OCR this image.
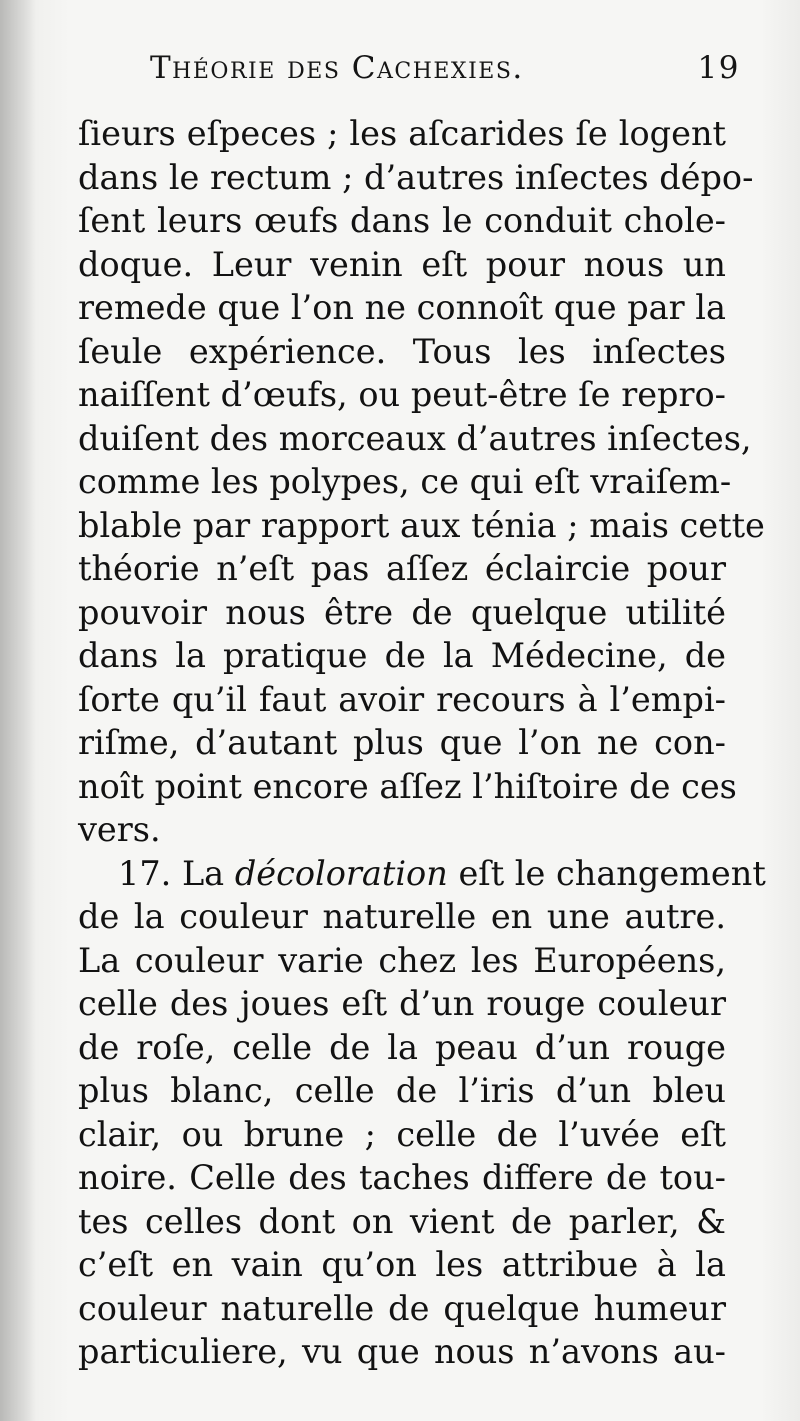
Théorie des Cachexies.	19
ſieurs eſpeces ; les aſcarides ſe logent
dans le rectum ; d’autres inſectes dépo-
ſent leurs œufs dans le conduit chole-
doque. Leur venin eſt pour nous un
remede que l’on ne connoît que par la
ſeule expérience. Tous les inſectes
naiſſent d’œufs, ou peut-être ſe repro-
duiſent des morceaux d’autres inſectes,
comme les polypes, ce qui eſt vraiſem-
blable par rapport aux ténia ; mais cette
théorie n’eſt pas aſſez éclaircie pour
pouvoir nous être de quelque utilité
dans la pratique de la Médecine, de
ſorte qu’il faut avoir recours à l’empi-
riſme, d’autant plus que l’on ne con-
noît point encore aſſez l’hiſtoire de ces
vers.
17. La décoloration eſt le changement
de la couleur naturelle en une autre.
La couleur varie chez les Européens,
celle des joues eſt d’un rouge couleur
de roſe, celle de la peau d’un rouge
plus blanc, celle de l’iris d’un bleu
clair, ou brune ; celle de l’uvée eſt
noire. Celle des taches differe de tou-
tes celles dont on vient de parler, &
c’eſt en vain qu’on les attribue à la
couleur naturelle de quelque humeur
particuliere, vu que nous n’avons au-
